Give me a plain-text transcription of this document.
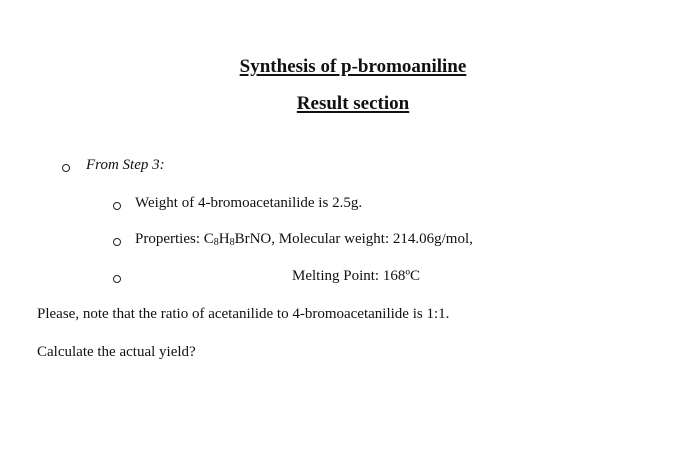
Synthesis of p-bromoaniline
Result section
From Step 3:
Weight of 4-bromoacetanilide is 2.5g.
Properties: $C_8H_8BrNO$, Molecular weight: 214.06g/mol,
Melting Point: 168ºC
Please, note that the ratio of acetanilide to 4-bromoacetanilide is 1:1.
Calculate the actual yield?
